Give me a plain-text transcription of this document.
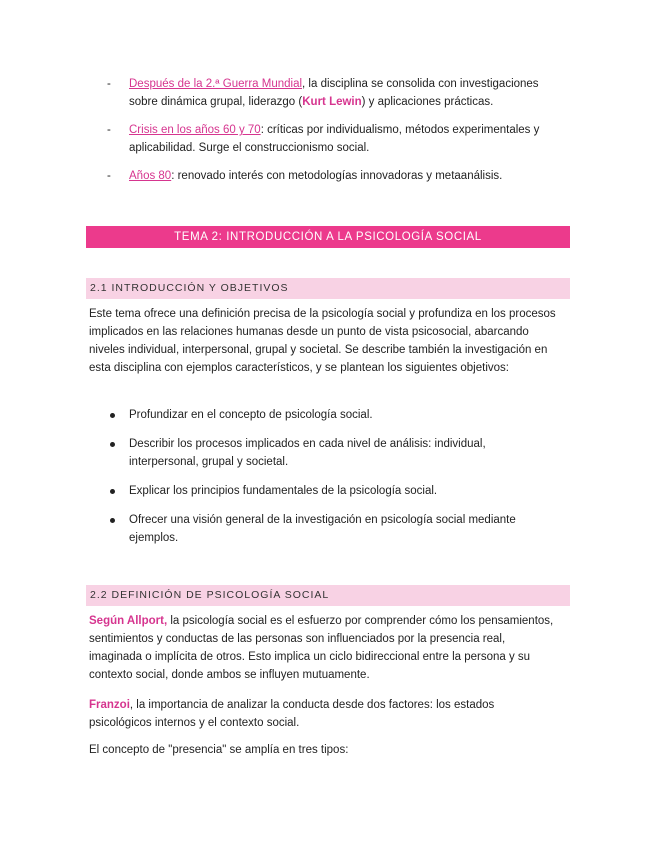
- Después de la 2.ª Guerra Mundial, la disciplina se consolida con investigaciones sobre dinámica grupal, liderazgo (Kurt Lewin) y aplicaciones prácticas.
- Crisis en los años 60 y 70: críticas por individualismo, métodos experimentales y aplicabilidad. Surge el construccionismo social.
- Años 80: renovado interés con metodologías innovadoras y metaanálisis.
TEMA 2: INTRODUCCIÓN A LA PSICOLOGÍA SOCIAL
2.1 INTRODUCCIÓN Y OBJETIVOS

Este tema ofrece una definición precisa de la psicología social y profundiza en los procesos implicados en las relaciones humanas desde un punto de vista psicosocial, abarcando niveles individual, interpersonal, grupal y societal. Se describe también la investigación en esta disciplina con ejemplos característicos, y se plantean los siguientes objetivos:

Profundizar en el concepto de psicología social.
Describir los procesos implicados en cada nivel de análisis: individual, interpersonal, grupal y societal.
Explicar los principios fundamentales de la psicología social.
Ofrecer una visión general de la investigación en psicología social mediante ejemplos.
2.2 DEFINICIÓN DE PSICOLOGÍA SOCIAL

Según Allport, la psicología social es el esfuerzo por comprender cómo los pensamientos, sentimientos y conductas de las personas son influenciados por la presencia real, imaginada o implícita de otros. Esto implica un ciclo bidireccional entre la persona y su contexto social, donde ambos se influyen mutuamente.

Franzoi, la importancia de analizar la conducta desde dos factores: los estados psicológicos internos y el contexto social.

El concepto de "presencia" se amplía en tres tipos:
